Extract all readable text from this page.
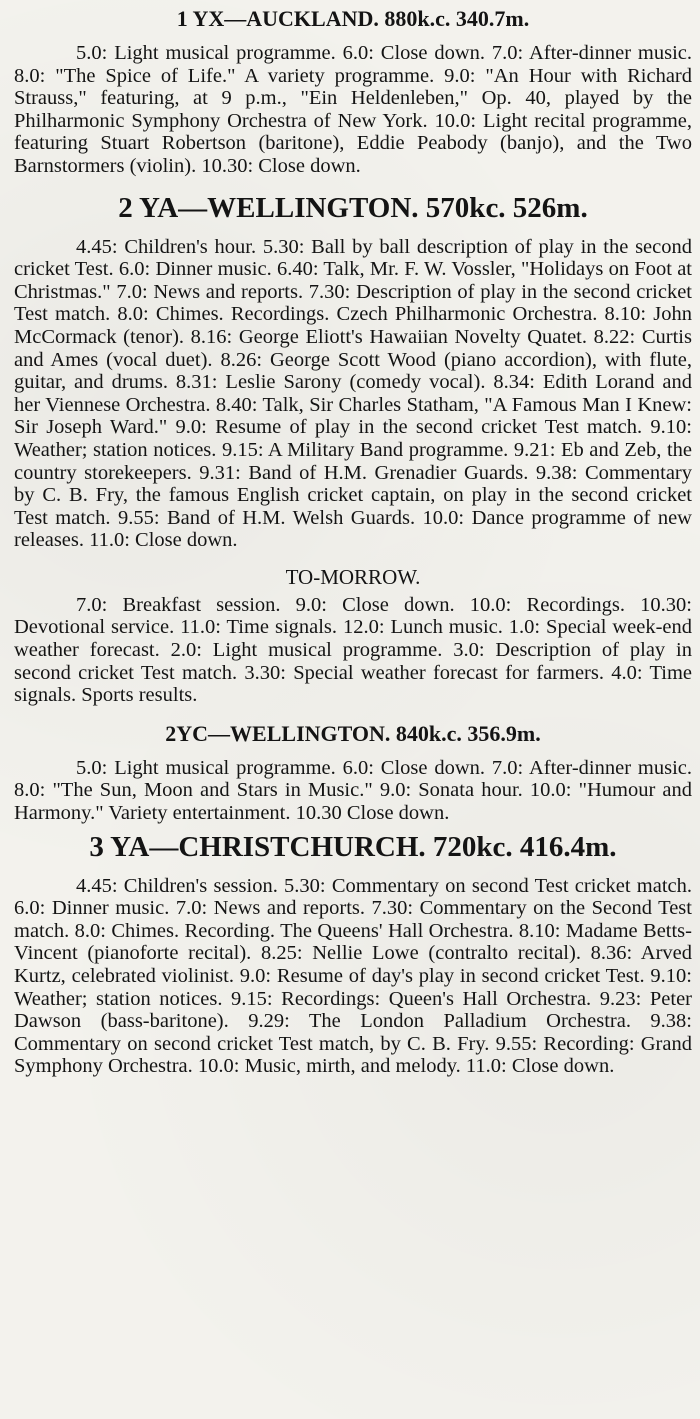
1 YX—AUCKLAND. 880k.c. 340.7m.

5.0: Light musical programme. 6.0: Close down. 7.0: After-dinner music. 8.0: "The Spice of Life." A variety programme. 9.0: "An Hour with Richard Strauss," featuring, at 9 p.m., "Ein Heldenleben," Op. 40, played by the Philharmonic Symphony Orchestra of New York. 10.0: Light recital programme, featuring Stuart Robertson (baritone), Eddie Peabody (banjo), and the Two Barnstormers (violin). 10.30: Close down.

2 YA—WELLINGTON. 570kc. 526m.

4.45: Children's hour. 5.30: Ball by ball description of play in the second cricket Test. 6.0: Dinner music. 6.40: Talk, Mr. F. W. Vossler, "Holidays on Foot at Christmas." 7.0: News and reports. 7.30: Description of play in the second cricket Test match. 8.0: Chimes. Recordings. Czech Philharmonic Orchestra. 8.10: John McCormack (tenor). 8.16: George Eliott's Hawaiian Novelty Quatet. 8.22: Curtis and Ames (vocal duet). 8.26: George Scott Wood (piano accordion), with flute, guitar, and drums. 8.31: Leslie Sarony (comedy vocal). 8.34: Edith Lorand and her Viennese Orchestra. 8.40: Talk, Sir Charles Statham, "A Famous Man I Knew: Sir Joseph Ward." 9.0: Resume of play in the second cricket Test match. 9.10: Weather; station notices. 9.15: A Military Band programme. 9.21: Eb and Zeb, the country storekeepers. 9.31: Band of H.M. Grenadier Guards. 9.38: Commentary by C. B. Fry, the famous English cricket captain, on play in the second cricket Test match. 9.55: Band of H.M. Welsh Guards. 10.0: Dance programme of new releases. 11.0: Close down.

TO-MORROW.

7.0: Breakfast session. 9.0: Close down. 10.0: Recordings. 10.30: Devotional service. 11.0: Time signals. 12.0: Lunch music. 1.0: Special week-end weather forecast. 2.0: Light musical programme. 3.0: Description of play in second cricket Test match. 3.30: Special weather forecast for farmers. 4.0: Time signals. Sports results.

2YC—WELLINGTON. 840k.c. 356.9m.

5.0: Light musical programme. 6.0: Close down. 7.0: After-dinner music. 8.0: "The Sun, Moon and Stars in Music." 9.0: Sonata hour. 10.0: "Humour and Harmony." Variety entertainment. 10.30 Close down.

3 YA—CHRISTCHURCH. 720kc. 416.4m.

4.45: Children's session. 5.30: Commentary on second Test cricket match. 6.0: Dinner music. 7.0: News and reports. 7.30: Commentary on the Second Test match. 8.0: Chimes. Recording. The Queens' Hall Orchestra. 8.10: Madame Betts-Vincent (pianoforte recital). 8.25: Nellie Lowe (contralto recital). 8.36: Arved Kurtz, celebrated violinist. 9.0: Resume of day's play in second cricket Test. 9.10: Weather; station notices. 9.15: Recordings: Queen's Hall Orchestra. 9.23: Peter Dawson (bass-baritone). 9.29: The London Palladium Orchestra. 9.38: Commentary on second cricket Test match, by C. B. Fry. 9.55: Recording: Grand Symphony Orchestra. 10.0: Music, mirth, and melody. 11.0: Close down.
